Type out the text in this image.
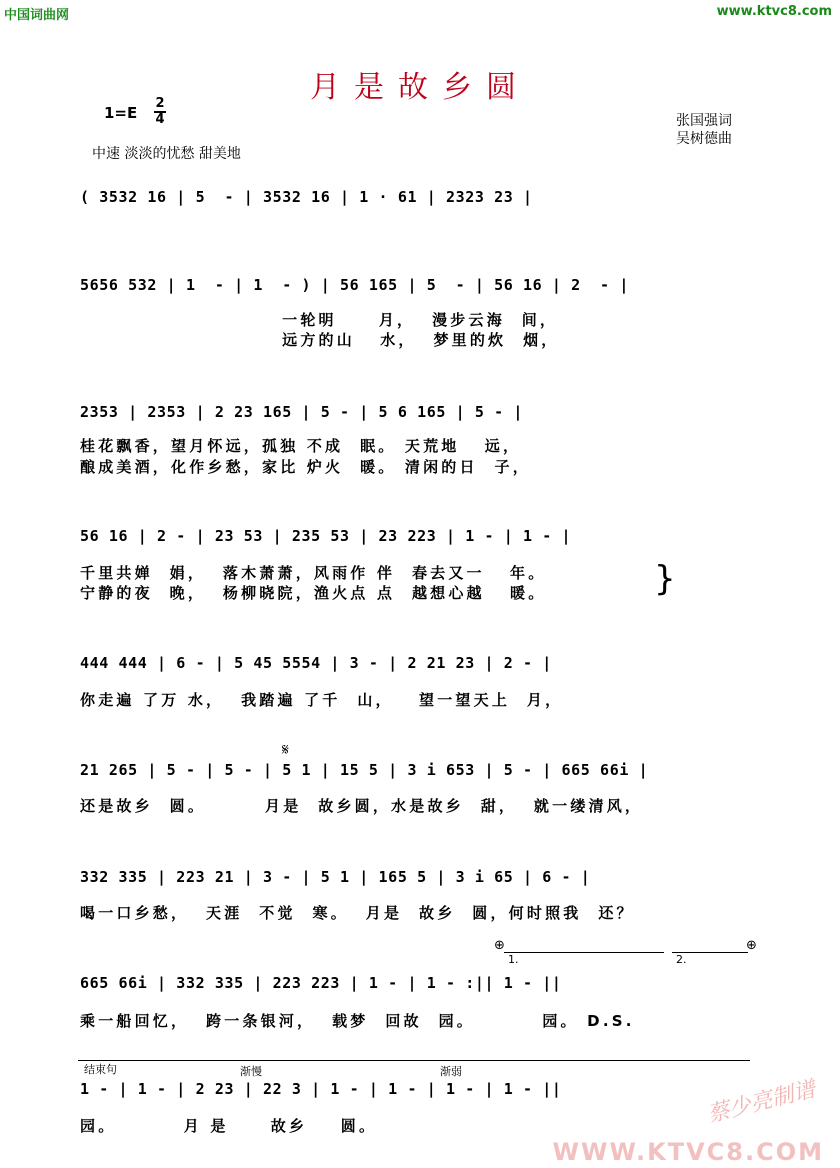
中国词曲网	www.ktvc8.com
月是故乡圆
1=E
2
4
中速 淡淡的忧愁 甜美地
张国强词
吴树德曲
( 3532 16 | 5  - | 3532 16 | 1 · 61 | 2323 23 |
5656 532 | 1  - | 1  - ) | 56 165 | 5  - | 56 16 | 2  - |
一轮明     月，  漫步云海  间，
远方的山   水，  梦里的炊  烟，
2353 | 2353 | 2 23 165 | 5 - | 5 6 165 | 5 - |
桂花飘香，望月怀远，孤独 不成  眠。 天荒地   远，
酿成美酒，化作乡愁，家比 炉火  暖。 清闲的日  子，
56 16 | 2 - | 23 53 | 235 53 | 23 223 | 1 - | 1 - |
千里共婵  娟，  落木萧萧，风雨作 伴  春去又一   年。
宁静的夜  晚，  杨柳晓院，渔火点 点  越想心越   暖。	}
444 444 | 6 - | 5 45 5554 | 3 - | 2 21 23 | 2 - |
你走遍 了万 水，  我踏遍 了千  山，   望一望天上  月，
𝄋
21 265 | 5 - | 5 - | 5 1 | 15 5 | 3 i 653 | 5 - | 665 66i |
还是故乡  圆。       月是  故乡圆，水是故乡  甜，  就一缕清风，
332 335 | 223 21 | 3 - | 5 1 | 165 5 | 3 i 65 | 6 - |
喝一口乡愁，  天涯  不觉  寒。  月是  故乡  圆，何时照我  还？
⊕	⊕
1.	2.
665 66i | 332 335 | 223 223 | 1 - | 1 - :|| 1 - ||
乘一船回忆，  跨一条银河，  载梦  回故  园。        园。 D.S.
结束句	渐慢	渐弱
1 - | 1 - | 2 23 | 22 3 | 1 - | 1 - | 1 - | 1 - ||
园。        月 是     故乡    圆。	蔡少亮制谱
WWW.KTVC8.COM
